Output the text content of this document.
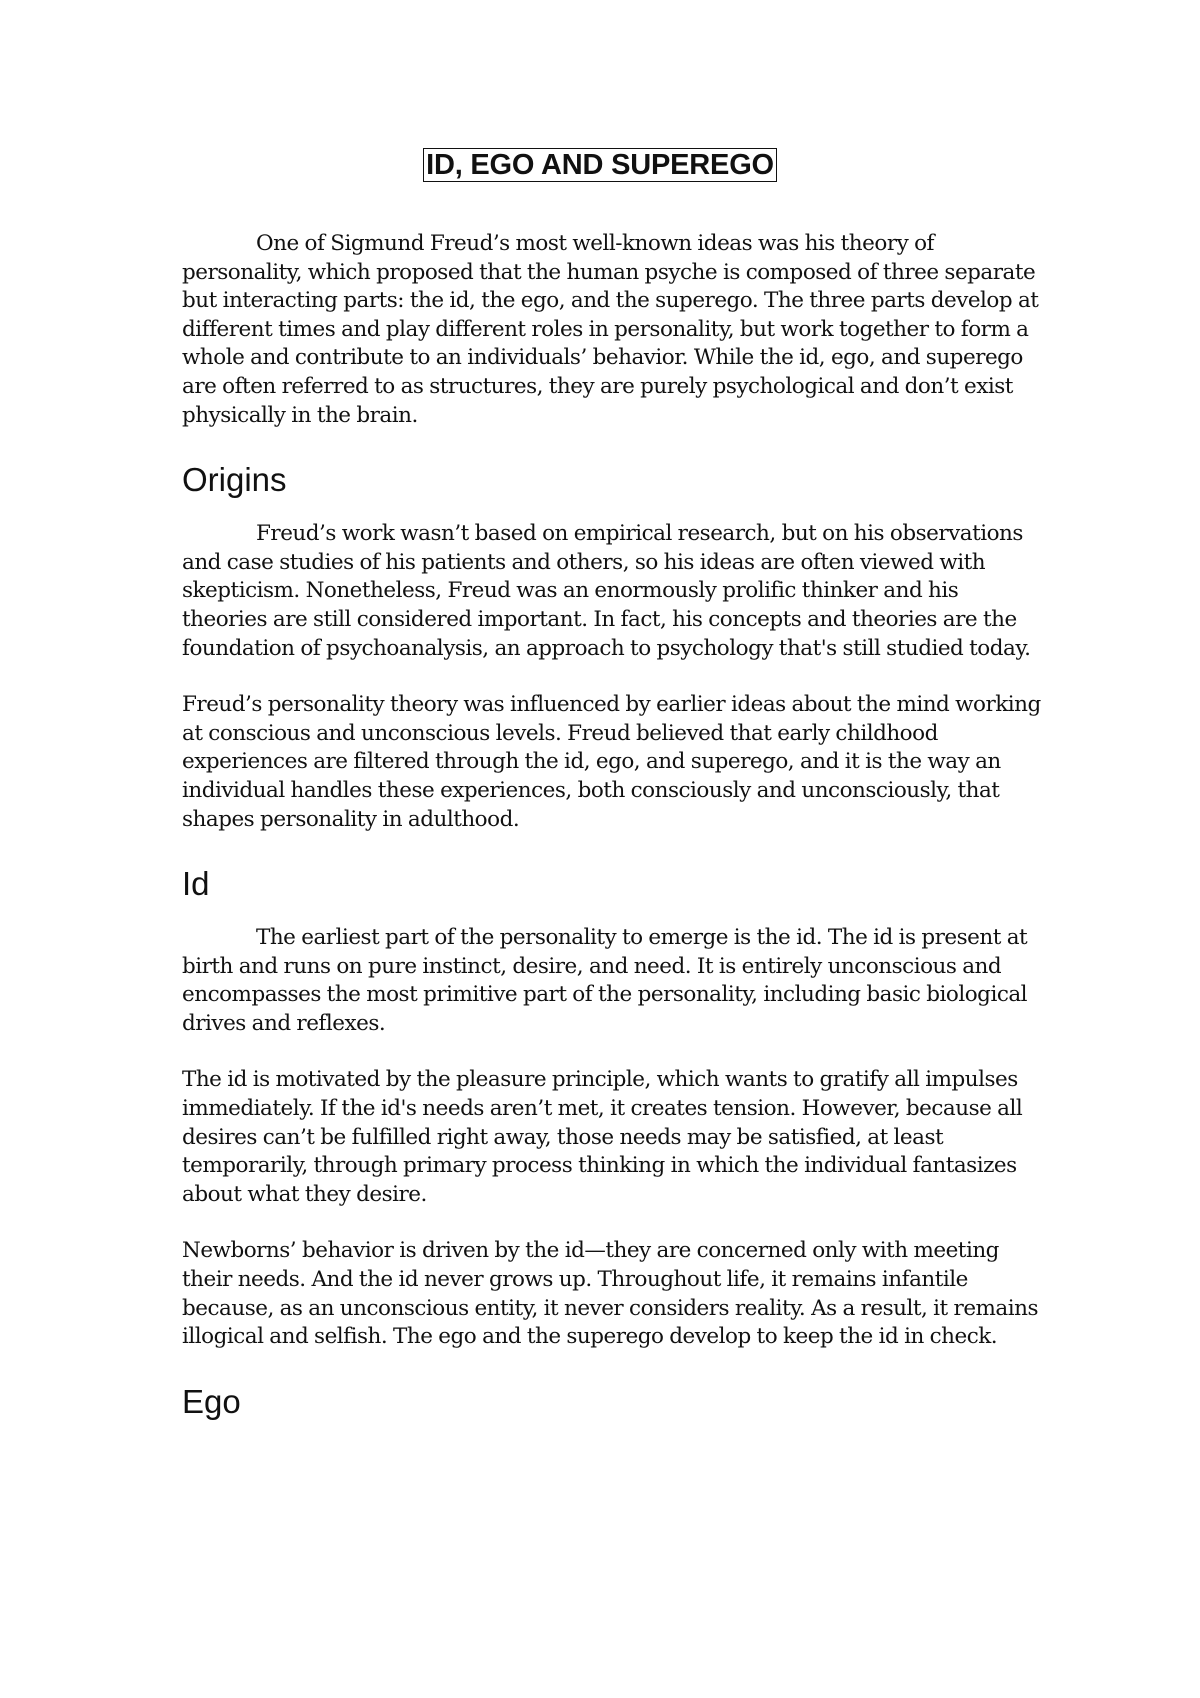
ID, EGO AND SUPEREGO

One of Sigmund Freud’s most well-known ideas was his theory of personality, which proposed that the human psyche is composed of three separate but interacting parts: the id, the ego, and the superego. The three parts develop at different times and play different roles in personality, but work together to form a whole and contribute to an individuals’ behavior. While the id, ego, and superego are often referred to as structures, they are purely psychological and don’t exist physically in the brain.

Origins

Freud’s work wasn’t based on empirical research, but on his observations and case studies of his patients and others, so his ideas are often viewed with skepticism. Nonetheless, Freud was an enormously prolific thinker and his theories are still considered important. In fact, his concepts and theories are the foundation of psychoanalysis, an approach to psychology that's still studied today.

Freud’s personality theory was influenced by earlier ideas about the mind working at conscious and unconscious levels. Freud believed that early childhood experiences are filtered through the id, ego, and superego, and it is the way an individual handles these experiences, both consciously and unconsciously, that shapes personality in adulthood.

Id

The earliest part of the personality to emerge is the id. The id is present at birth and runs on pure instinct, desire, and need. It is entirely unconscious and encompasses the most primitive part of the personality, including basic biological drives and reflexes.

The id is motivated by the pleasure principle, which wants to gratify all impulses immediately. If the id's needs aren’t met, it creates tension. However, because all desires can’t be fulfilled right away, those needs may be satisfied, at least temporarily, through primary process thinking in which the individual fantasizes about what they desire.

Newborns’ behavior is driven by the id—they are concerned only with meeting their needs. And the id never grows up. Throughout life, it remains infantile because, as an unconscious entity, it never considers reality. As a result, it remains illogical and selfish. The ego and the superego develop to keep the id in check.

Ego
